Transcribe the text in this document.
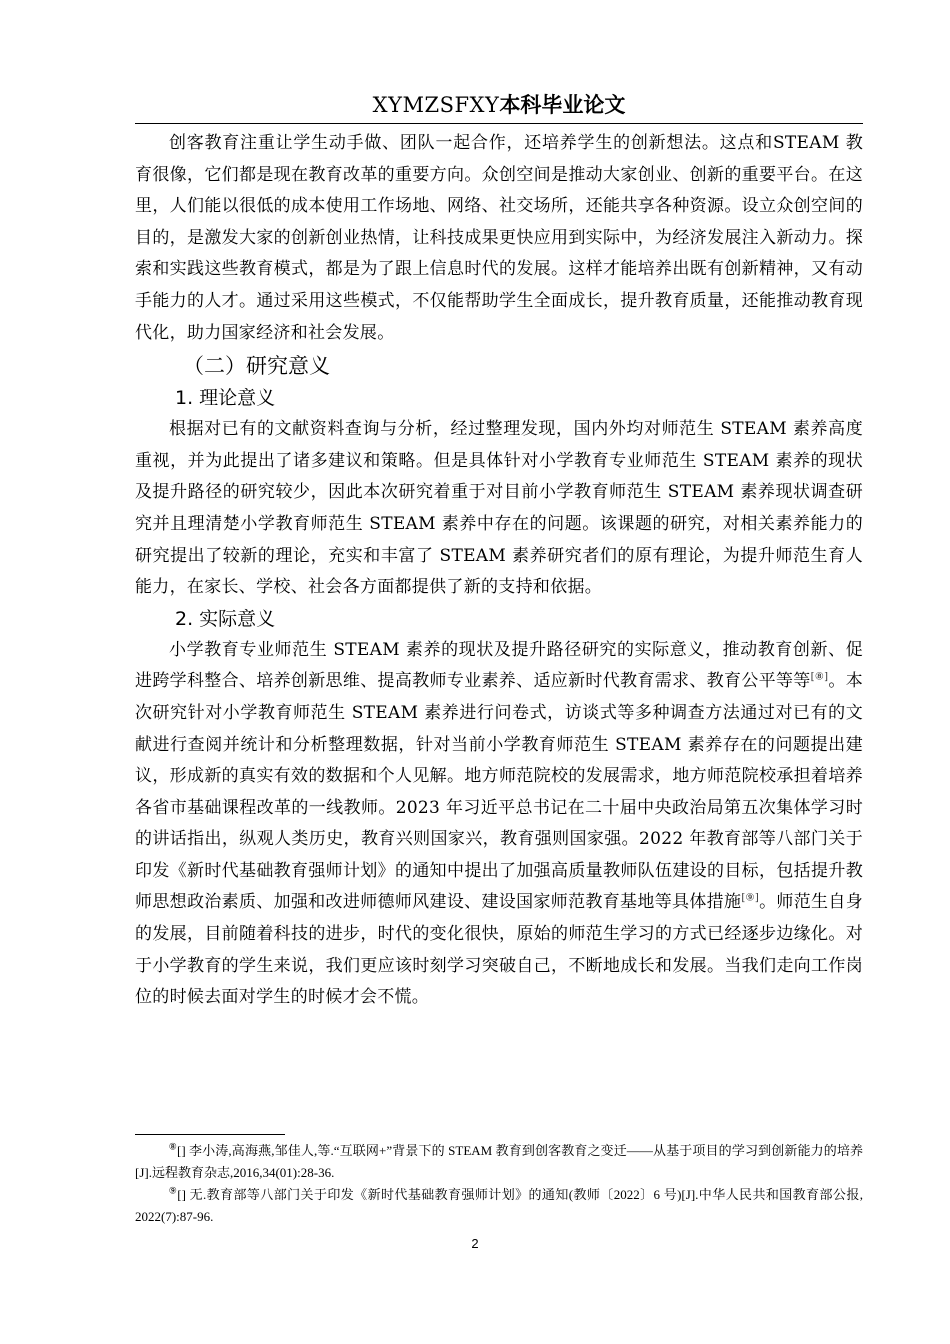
XYMZSFXY本科毕业论文

创客教育注重让学生动手做、团队一起合作，还培养学生的创新想法。这点和STEAM 教育很像，它们都是现在教育改革的重要方向。众创空间是推动大家创业、创新的重要平台。在这里，人们能以很低的成本使用工作场地、网络、社交场所，还能共享各种资源。设立众创空间的目的，是激发大家的创新创业热情，让科技成果更快应用到实际中，为经济发展注入新动力。探索和实践这些教育模式，都是为了跟上信息时代的发展。这样才能培养出既有创新精神，又有动手能力的人才。通过采用这些模式，不仅能帮助学生全面成长，提升教育质量，还能推动教育现代化，助力国家经济和社会发展。

（二）研究意义
1. 理论意义

根据对已有的文献资料查询与分析，经过整理发现，国内外均对师范生 STEAM 素养高度重视，并为此提出了诸多建议和策略。但是具体针对小学教育专业师范生 STEAM 素养的现状及提升路径的研究较少，因此本次研究着重于对目前小学教育师范生 STEAM 素养现状调查研究并且理清楚小学教育师范生 STEAM 素养中存在的问题。该课题的研究，对相关素养能力的研究提出了较新的理论，充实和丰富了 STEAM 素养研究者们的原有理论，为提升师范生育人能力，在家长、学校、社会各方面都提供了新的支持和依据。

2. 实际意义

小学教育专业师范生 STEAM 素养的现状及提升路径研究的实际意义，推动教育创新、促进跨学科整合、培养创新思维、提高教师专业素养、适应新时代教育需求、教育公平等等[⑧]。本次研究针对小学教育师范生 STEAM 素养进行问卷式，访谈式等多种调查方法通过对已有的文献进行查阅并统计和分析整理数据，针对当前小学教育师范生 STEAM 素养存在的问题提出建议，形成新的真实有效的数据和个人见解。地方师范院校的发展需求，地方师范院校承担着培养各省市基础课程改革的一线教师。2023 年习近平总书记在二十届中央政治局第五次集体学习时的讲话指出，纵观人类历史，教育兴则国家兴，教育强则国家强。2022 年教育部等八部门关于印发《新时代基础教育强师计划》的通知中提出了加强高质量教师队伍建设的目标，包括提升教师思想政治素质、加强和改进师德师风建设、建设国家师范教育基地等具体措施[⑨]。师范生自身的发展，目前随着科技的进步，时代的变化很快，原始的师范生学习的方式已经逐步边缘化。对于小学教育的学生来说，我们更应该时刻学习突破自己，不断地成长和发展。当我们走向工作岗位的时候去面对学生的时候才会不慌。

⑧[] 李小涛,高海燕,邹佳人,等.“互联网+”背景下的 STEAM 教育到创客教育之变迁——从基于项目的学习到创新能力的培养[J].远程教育杂志,2016,34(01):28-36.

⑨[] 无.教育部等八部门关于印发《新时代基础教育强师计划》的通知(教师〔2022〕6 号)[J].中华人民共和国教育部公报, 2022(7):87-96.

2
